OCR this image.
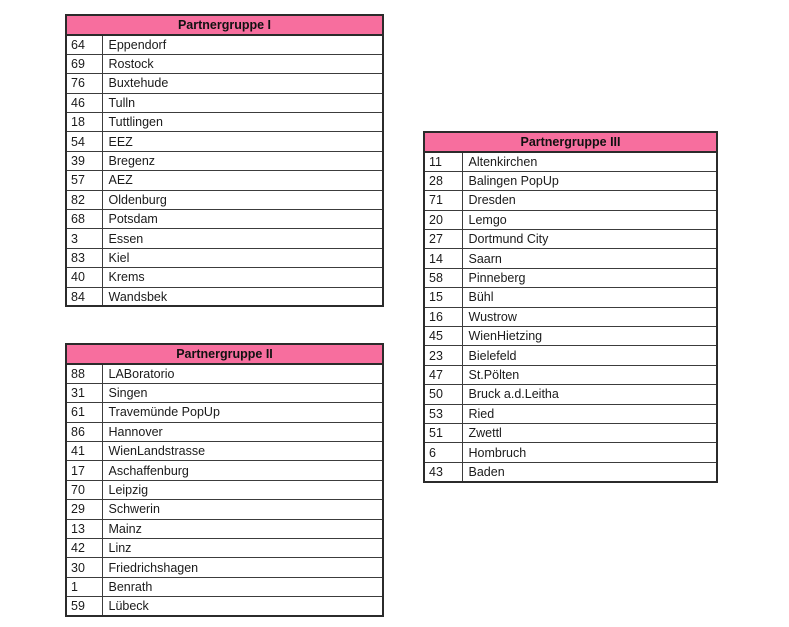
Partnergruppe I	
64	Eppendorf
69	Rostock
76	Buxtehude
46	Tulln
18	Tuttlingen
54	EEZ
39	Bregenz
57	AEZ
82	Oldenburg
68	Potsdam
3	Essen
83	Kiel
40	Krems
84	Wandsbek
Partnergruppe II	
88	LABoratorio
31	Singen
61	Travemünde PopUp
86	Hannover
41	WienLandstrasse
17	Aschaffenburg
70	Leipzig
29	Schwerin
13	Mainz
42	Linz
30	Friedrichshagen
1	Benrath
59	Lübeck
Partnergruppe III	
11	Altenkirchen
28	Balingen PopUp
71	Dresden
20	Lemgo
27	Dortmund City
14	Saarn
58	Pinneberg
15	Bühl
16	Wustrow
45	WienHietzing
23	Bielefeld
47	St.Pölten
50	Bruck a.d.Leitha
53	Ried
51	Zwettl
6	Hombruch
43	Baden
